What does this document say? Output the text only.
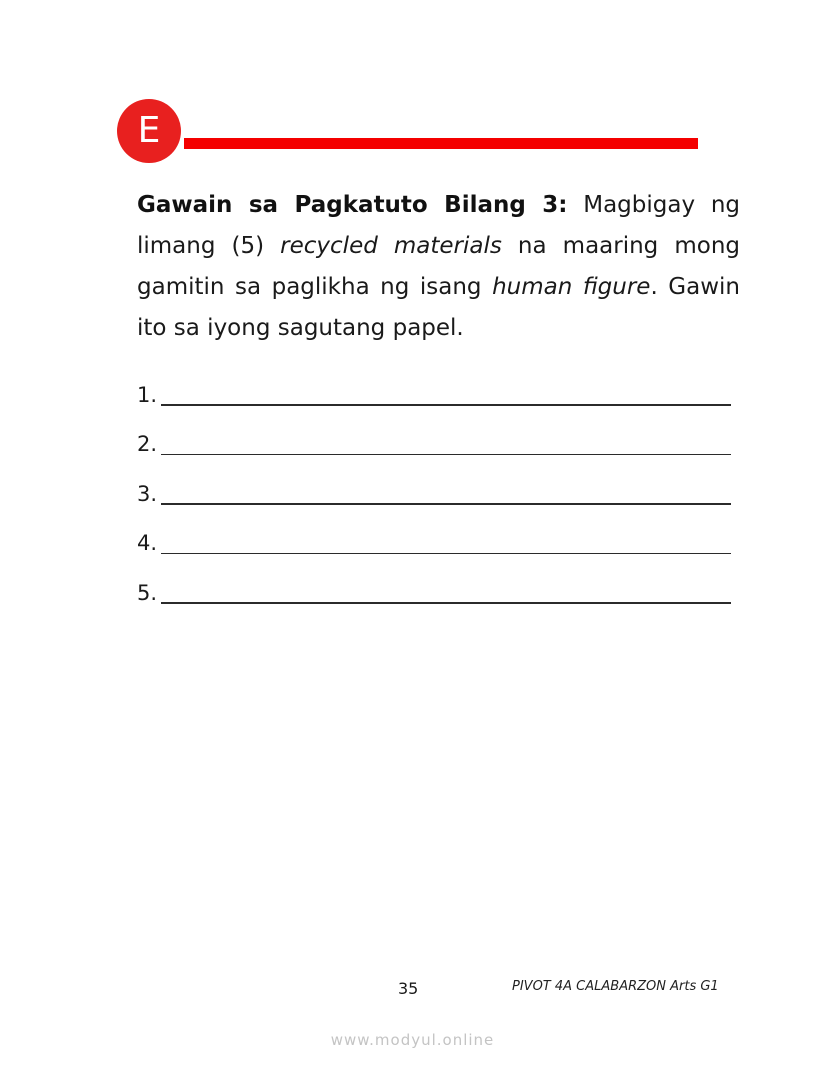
E

Gawain sa Pagkatuto Bilang 3: Magbigay ng limang (5) recycled materials na maaring mong gamitin sa paglikha ng isang human figure. Gawin ito sa iyong sagutang papel.

1.
2.
3.
4.
5.
35	PIVOT 4A CALABARZON Arts G1
www.modyul.online
